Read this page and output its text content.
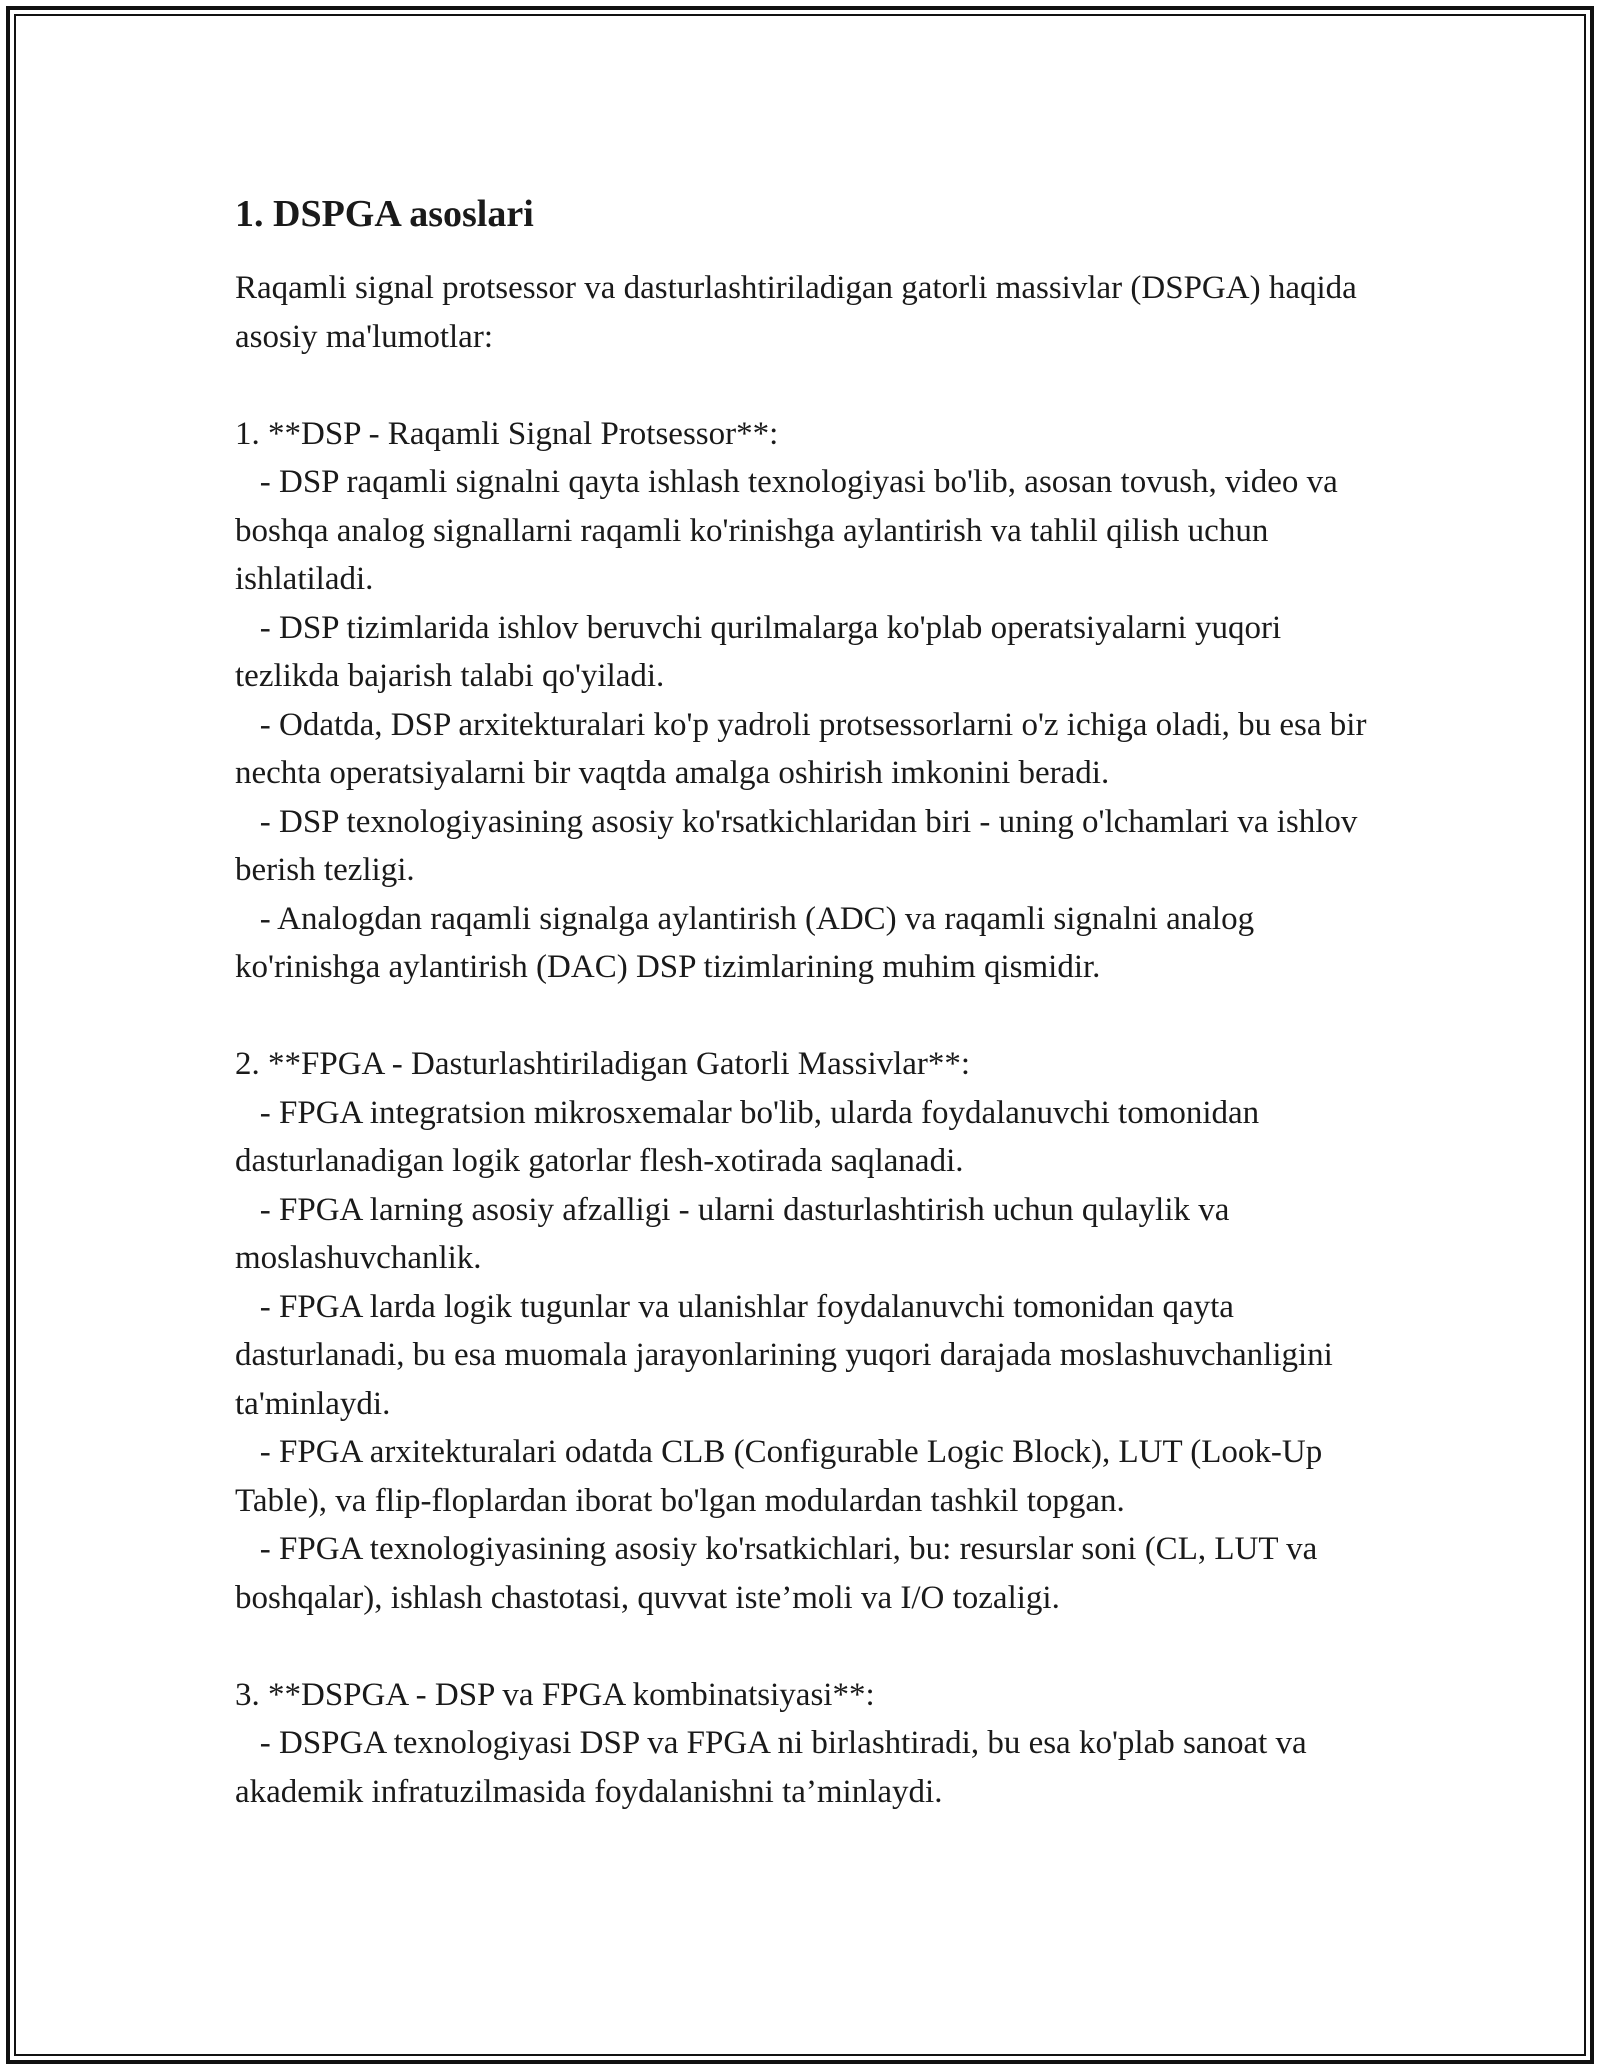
1. DSPGA asoslari
Raqamli signal protsessor va dasturlashtiriladigan gatorli massivlar (DSPGA) haqida asosiy ma'lumotlar:
1. **DSP - Raqamli Signal Protsessor**:
- DSP raqamli signalni qayta ishlash texnologiyasi bo'lib, asosan tovush, video va boshqa analog signallarni raqamli ko'rinishga aylantirish va tahlil qilish uchun ishlatiladi.
- DSP tizimlarida ishlov beruvchi qurilmalarga ko'plab operatsiyalarni yuqori tezlikda bajarish talabi qo'yiladi.
- Odatda, DSP arxitekturalari ko'p yadroli protsessorlarni o'z ichiga oladi, bu esa bir nechta operatsiyalarni bir vaqtda amalga oshirish imkonini beradi.
- DSP texnologiyasining asosiy ko'rsatkichlaridan biri - uning o'lchamlari va ishlov berish tezligi.
- Analogdan raqamli signalga aylantirish (ADC) va raqamli signalni analog ko'rinishga aylantirish (DAC) DSP tizimlarining muhim qismidir.
2. **FPGA - Dasturlashtiriladigan Gatorli Massivlar**:
- FPGA integratsion mikrosxemalar bo'lib, ularda foydalanuvchi tomonidan dasturlanadigan logik gatorlar flesh-xotirada saqlanadi.
- FPGA larning asosiy afzalligi - ularni dasturlashtirish uchun qulaylik va moslashuvchanlik.
- FPGA larda logik tugunlar va ulanishlar foydalanuvchi tomonidan qayta dasturlanadi, bu esa muomala jarayonlarining yuqori darajada moslashuvchanligini ta'minlaydi.
- FPGA arxitekturalari odatda CLB (Configurable Logic Block), LUT (Look-Up Table), va flip-floplardan iborat bo'lgan modulardan tashkil topgan.
- FPGA texnologiyasining asosiy ko'rsatkichlari, bu: resurslar soni (CL, LUT va boshqalar), ishlash chastotasi, quvvat iste’moli va I/O tozaligi.
3. **DSPGA - DSP va FPGA kombinatsiyasi**:
- DSPGA texnologiyasi DSP va FPGA ni birlashtiradi, bu esa ko'plab sanoat va akademik infratuzilmasida foydalanishni ta’minlaydi.
